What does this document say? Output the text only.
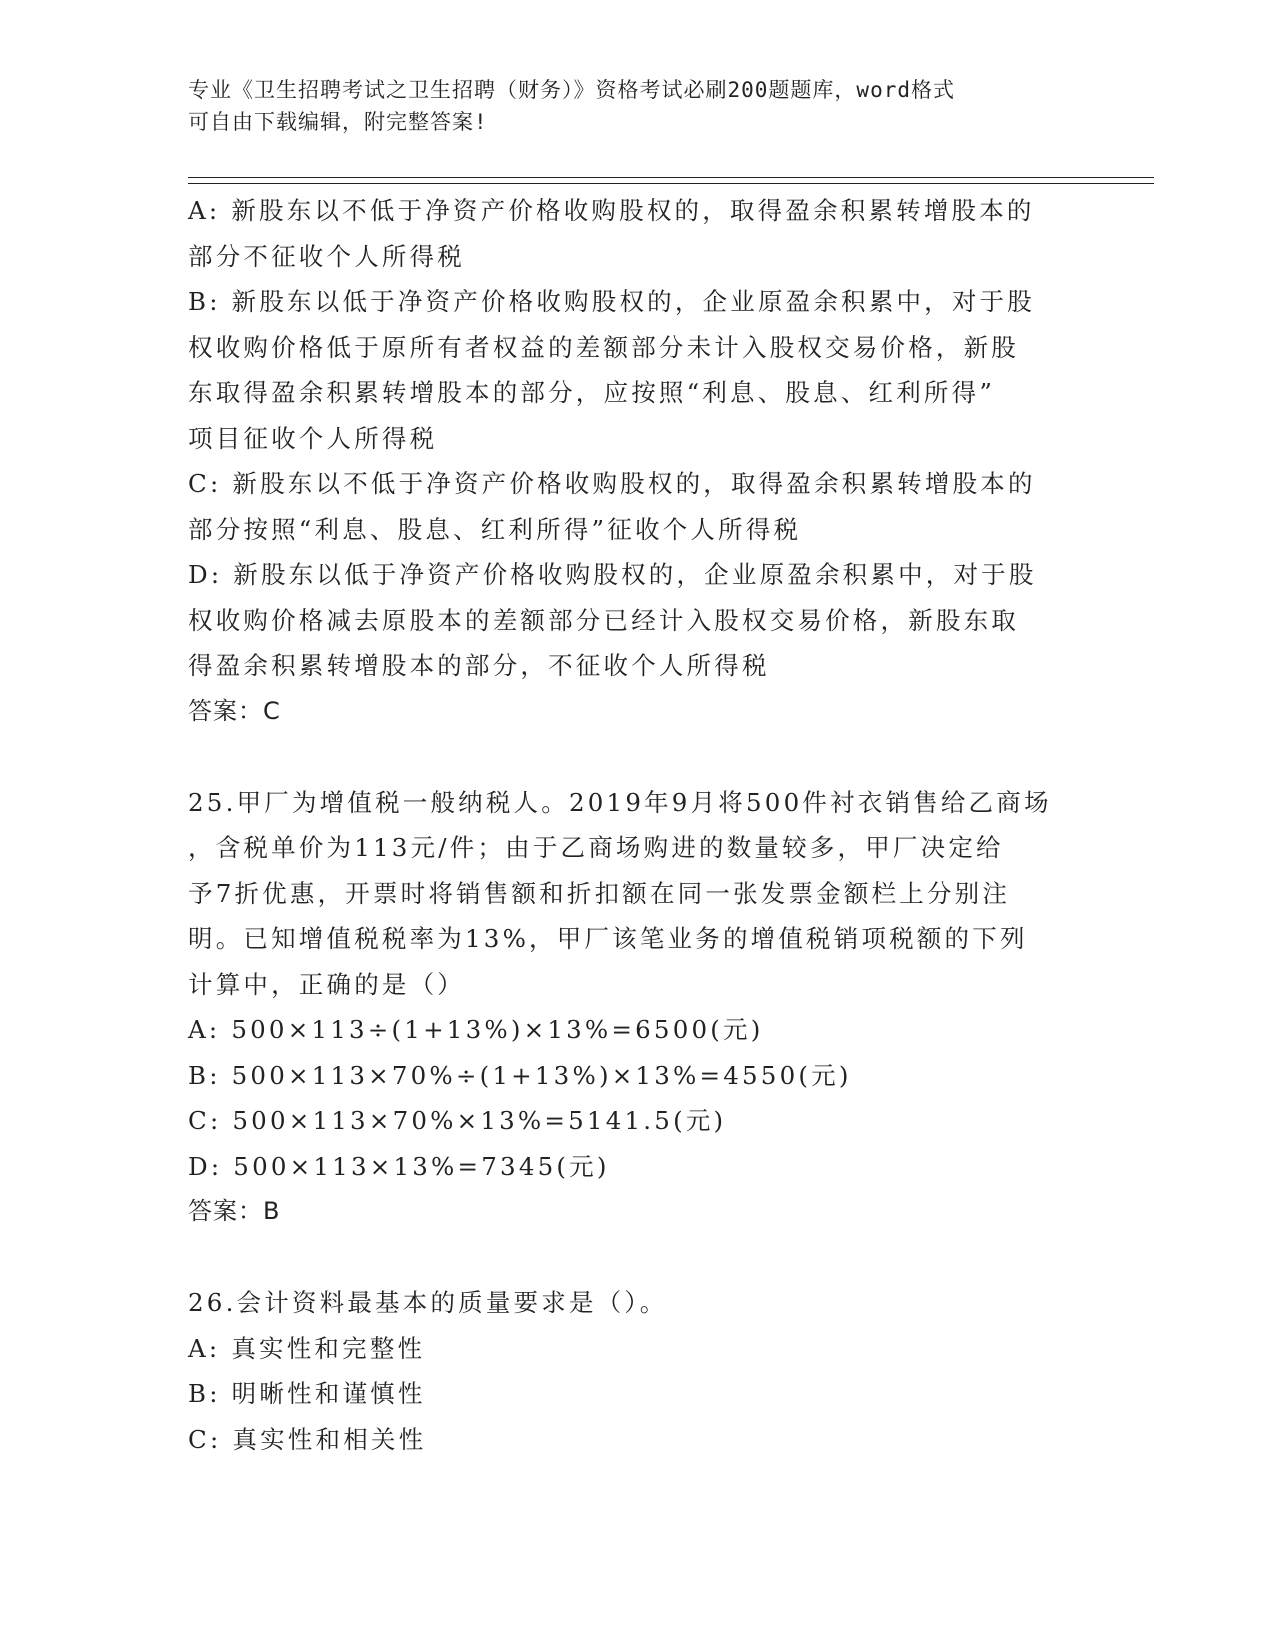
专业《卫生招聘考试之卫生招聘（财务）》资格考试必刷200题题库，word格式
可自由下载编辑，附完整答案!
A: 新股东以不低于净资产价格收购股权的，取得盈余积累转增股本的
部分不征收个人所得税
B: 新股东以低于净资产价格收购股权的，企业原盈余积累中，对于股
权收购价格低于原所有者权益的差额部分未计入股权交易价格，新股
东取得盈余积累转增股本的部分，应按照“利息、股息、红利所得”
项目征收个人所得税
C: 新股东以不低于净资产价格收购股权的，取得盈余积累转增股本的
部分按照“利息、股息、红利所得”征收个人所得税
D: 新股东以低于净资产价格收购股权的，企业原盈余积累中，对于股
权收购价格减去原股本的差额部分已经计入股权交易价格，新股东取
得盈余积累转增股本的部分，不征收个人所得税
答案：C
25.甲厂为增值税一般纳税人。2019年9月将500件衬衣销售给乙商场
，含税单价为113元/件；由于乙商场购进的数量较多，甲厂决定给
予7折优惠，开票时将销售额和折扣额在同一张发票金额栏上分别注
明。已知增值税税率为13%，甲厂该笔业务的增值税销项税额的下列
计算中，正确的是（）
A: 500×113÷(1+13%)×13%=6500(元)
B: 500×113×70%÷(1+13%)×13%=4550(元)
C: 500×113×70%×13%=5141.5(元)
D: 500×113×13%=7345(元)
答案：B
26.会计资料最基本的质量要求是（）。
A: 真实性和完整性
B: 明晰性和谨慎性
C: 真实性和相关性
